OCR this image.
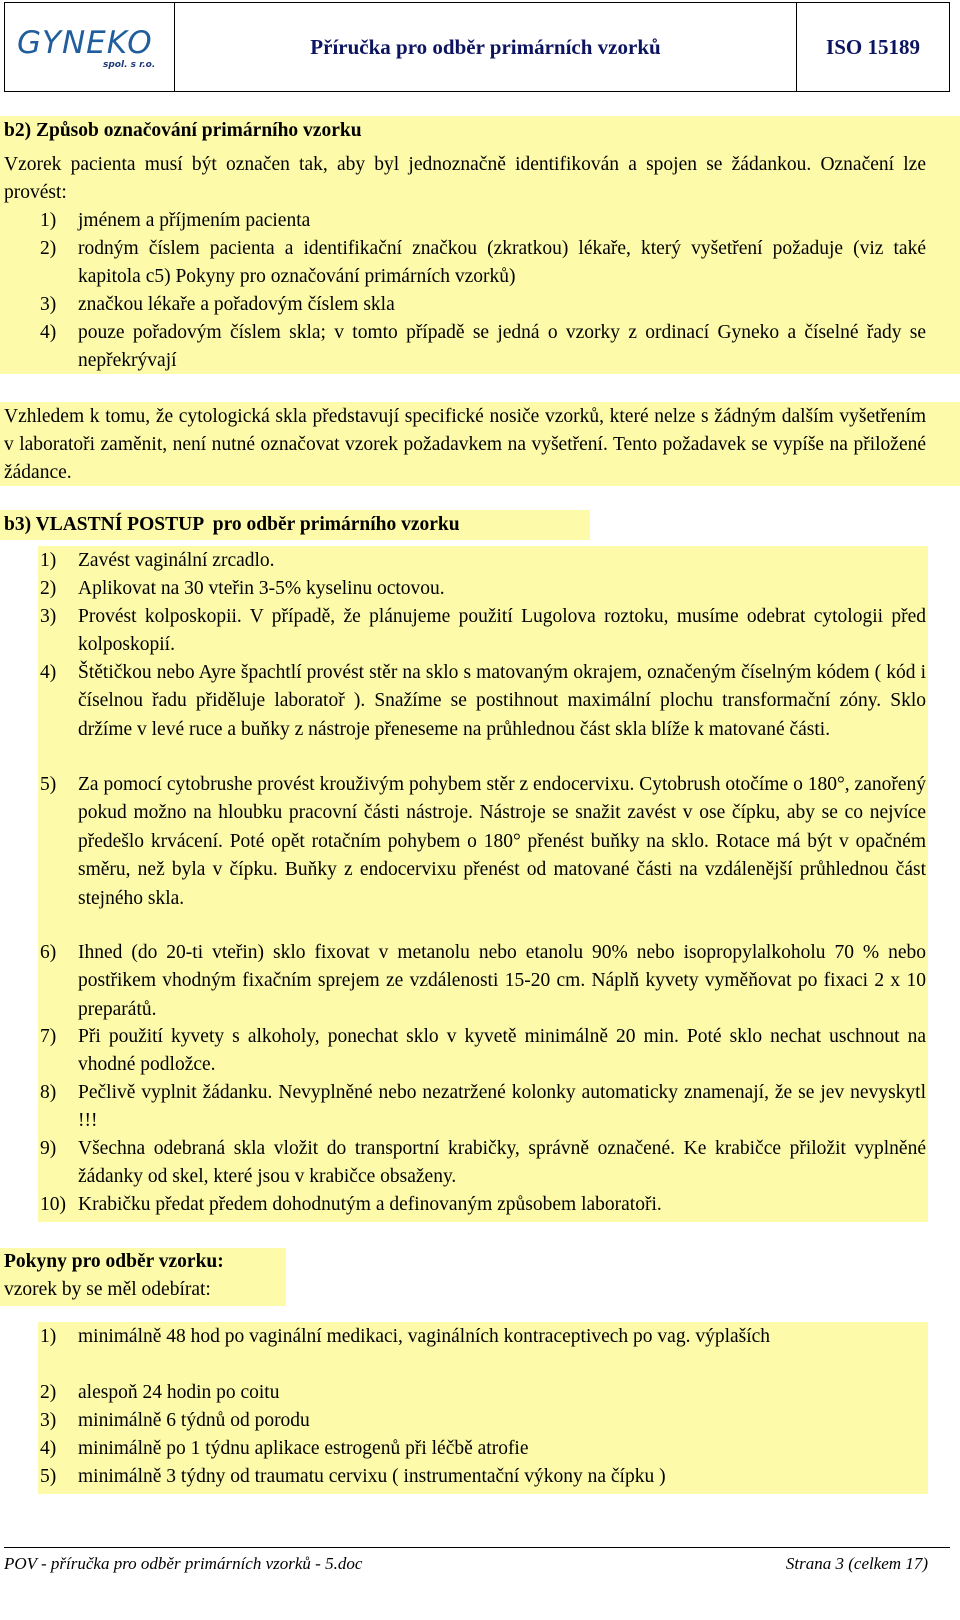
GYNEKO
spol. s r.o.
Příručka pro odběr primárních vzorků	ISO 15189
b2) Způsob označování primárního vzorku
Vzorek pacienta musí být označen tak, aby byl jednoznačně identifikován a spojen se žádankou. Označení lze provést:
1) jménem a příjmením pacienta
2) rodným číslem pacienta a identifikační značkou (zkratkou) lékaře, který vyšetření požaduje (viz také kapitola c5) Pokyny pro označování primárních vzorků)
3) značkou lékaře a pořadovým číslem skla
4) pouze pořadovým číslem skla; v tomto případě se jedná o vzorky z ordinací Gyneko a číselné řady se nepřekrývají
Vzhledem k tomu, že cytologická skla představují specifické nosiče vzorků, které nelze s žádným dalším vyšetřením v laboratoři zaměnit, není nutné označovat vzorek požadavkem na vyšetření. Tento požadavek se vypíše na přiložené žádance.
b3) VLASTNÍ POSTUP  pro odběr primárního vzorku
1) Zavést vaginální zrcadlo.
2) Aplikovat na 30 vteřin 3-5% kyselinu octovou.
3) Provést kolposkopii. V případě, že plánujeme použití Lugolova roztoku, musíme odebrat cytologii před kolposkopií.
4) Štětičkou nebo Ayre špachtlí provést stěr na sklo s matovaným okrajem, označeným číselným kódem ( kód i číselnou řadu přiděluje laboratoř ). Snažíme se postihnout maximální plochu transformační zóny. Sklo držíme v levé ruce a buňky z nástroje přeneseme na průhlednou část skla blíže k matované části.
5) Za pomocí cytobrushe provést krouživým pohybem stěr z endocervixu. Cytobrush otočíme o 180°, zanořený pokud možno na hloubku pracovní části nástroje. Nástroje se snažit zavést v ose čípku, aby se co nejvíce předešlo krvácení. Poté opět rotačním pohybem o 180° přenést buňky na sklo. Rotace má být v opačném směru, než byla v čípku. Buňky z endocervixu přenést od matované části na vzdálenější průhlednou část stejného skla.
6) Ihned (do 20-ti vteřin) sklo fixovat v metanolu nebo etanolu 90% nebo isopropylalkoholu 70 % nebo postřikem vhodným fixačním sprejem ze vzdálenosti 15-20 cm. Náplň kyvety vyměňovat po fixaci 2 x 10 preparátů.
7) Při použití kyvety s alkoholy, ponechat sklo v kyvetě minimálně 20 min. Poté sklo nechat uschnout na vhodné podložce.
8) Pečlivě vyplnit žádanku. Nevyplněné nebo nezatržené kolonky automaticky znamenají, že se jev nevyskytl !!!
9) Všechna odebraná skla vložit do transportní krabičky, správně označené. Ke krabičce přiložit vyplněné žádanky od skel, které jsou v krabičce obsaženy.
10) Krabičku předat předem dohodnutým a definovaným způsobem laboratoři.
Pokyny pro odběr vzorku:
vzorek by se měl odebírat:
1) minimálně 48 hod po vaginální medikaci, vaginálních kontraceptivech po vag. výplaších
2) alespoň 24 hodin po coitu
3) minimálně 6 týdnů od porodu
4) minimálně po 1 týdnu aplikace estrogenů při léčbě atrofie
5) minimálně 3 týdny od traumatu cervixu ( instrumentační výkony na čípku )
POV - příručka pro odběr primárních vzorků - 5.doc	Strana 3 (celkem 17)
